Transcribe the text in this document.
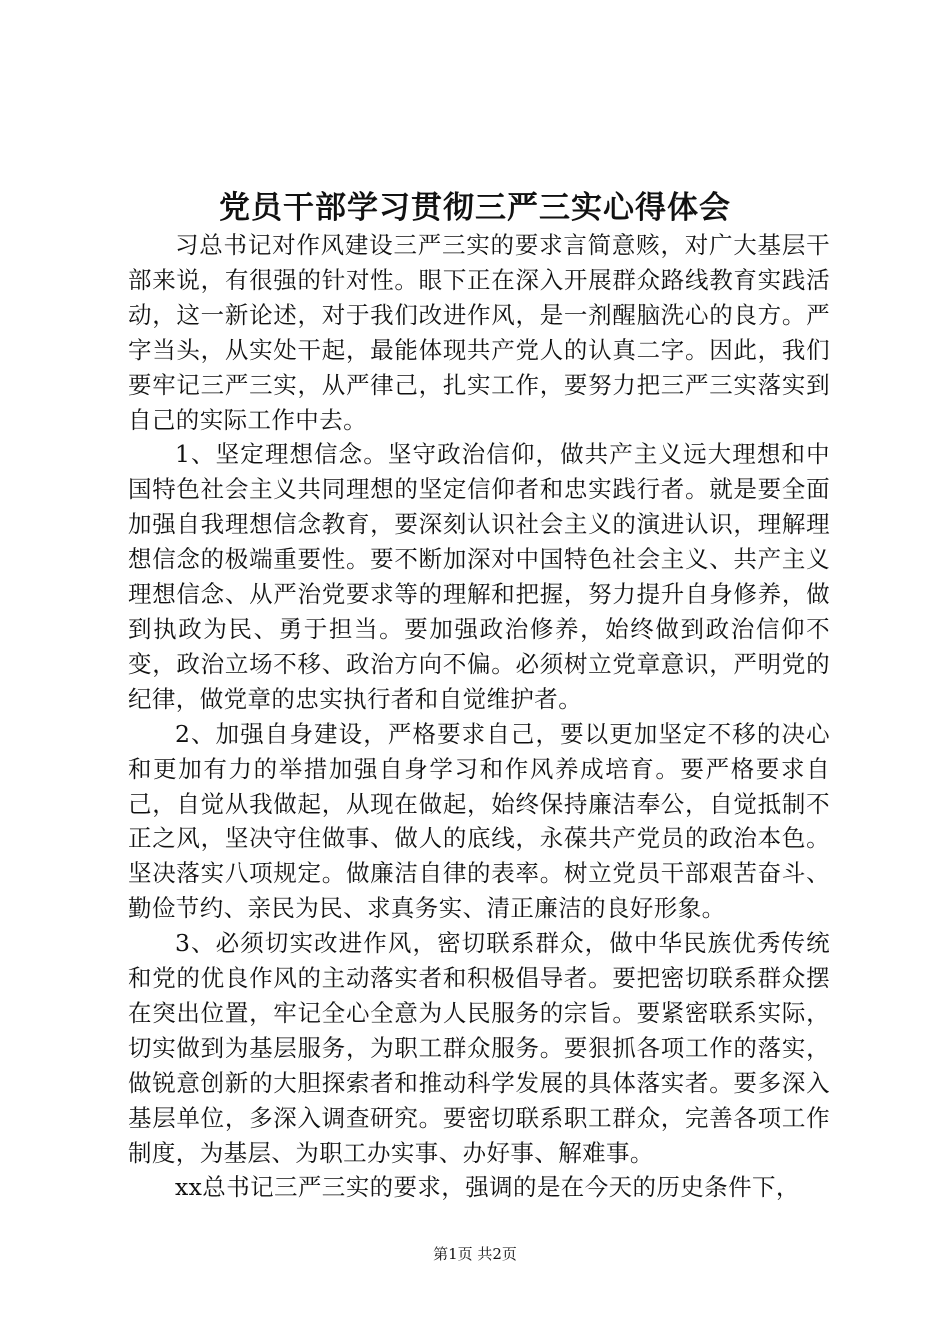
党员干部学习贯彻三严三实心得体会

习总书记对作风建设三严三实的要求言简意赅，对广大基层干部来说，有很强的针对性。眼下正在深入开展群众路线教育实践活动，这一新论述，对于我们改进作风，是一剂醒脑洗心的良方。严字当头，从实处干起，最能体现共产党人的认真二字。因此，我们要牢记三严三实，从严律己，扎实工作，要努力把三严三实落实到自己的实际工作中去。

1、坚定理想信念。坚守政治信仰，做共产主义远大理想和中国特色社会主义共同理想的坚定信仰者和忠实践行者。就是要全面加强自我理想信念教育，要深刻认识社会主义的演进认识，理解理想信念的极端重要性。要不断加深对中国特色社会主义、共产主义理想信念、从严治党要求等的理解和把握，努力提升自身修养，做到执政为民、勇于担当。要加强政治修养，始终做到政治信仰不变，政治立场不移、政治方向不偏。必须树立党章意识，严明党的纪律，做党章的忠实执行者和自觉维护者。

2、加强自身建设，严格要求自己，要以更加坚定不移的决心和更加有力的举措加强自身学习和作风养成培育。要严格要求自己，自觉从我做起，从现在做起，始终保持廉洁奉公，自觉抵制不正之风，坚决守住做事、做人的底线，永葆共产党员的政治本色。坚决落实八项规定。做廉洁自律的表率。树立党员干部艰苦奋斗、勤俭节约、亲民为民、求真务实、清正廉洁的良好形象。

3、必须切实改进作风，密切联系群众，做中华民族优秀传统和党的优良作风的主动落实者和积极倡导者。要把密切联系群众摆在突出位置，牢记全心全意为人民服务的宗旨。要紧密联系实际，切实做到为基层服务，为职工群众服务。要狠抓各项工作的落实，做锐意创新的大胆探索者和推动科学发展的具体落实者。要多深入基层单位，多深入调查研究。要密切联系职工群众，完善各项工作制度，为基层、为职工办实事、办好事、解难事。

xx总书记三严三实的要求，强调的是在今天的历史条件下，

第1页 共2页
